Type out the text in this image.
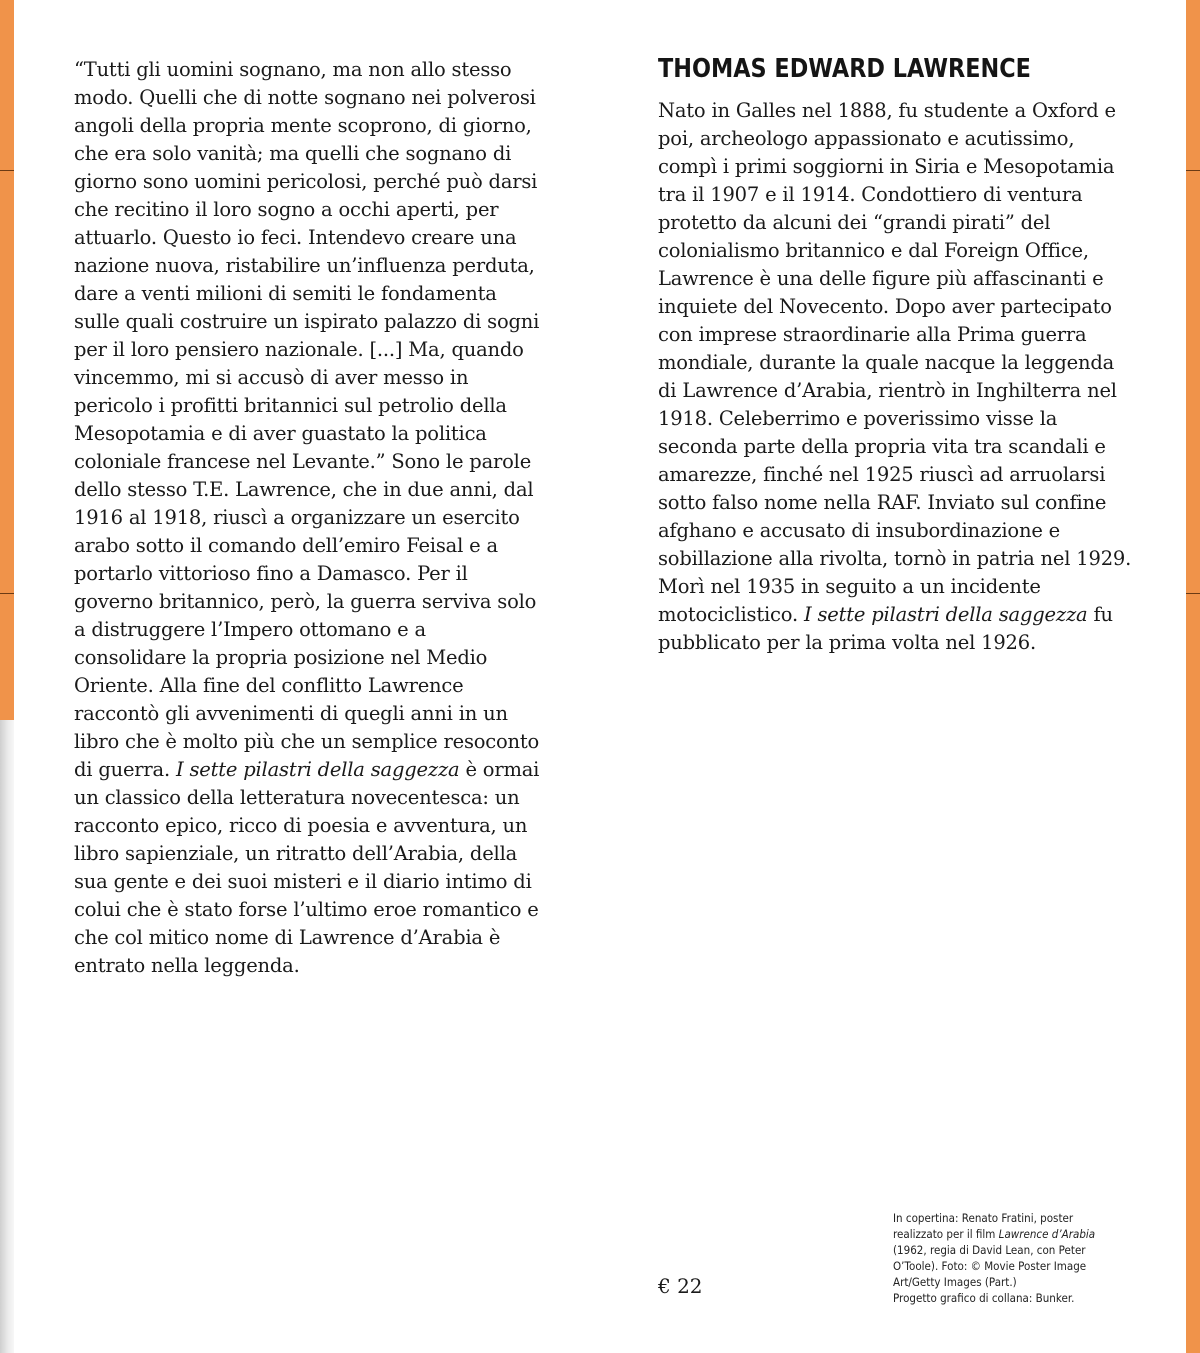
“Tutti gli uomini sognano, ma non allo stesso modo. Quelli che di notte sognano nei polverosi angoli della propria mente scoprono, di giorno, che era solo vanità; ma quelli che sognano di giorno sono uomini pericolosi, perché può darsi che recitino il loro sogno a occhi aperti, per attuarlo. Questo io feci. Intendevo creare una nazione nuova, ristabilire un’influenza perduta, dare a venti milioni di semiti le fondamenta sulle quali costruire un ispirato palazzo di sogni per il loro pensiero nazionale. [...] Ma, quando vincemmo, mi si accusò di aver messo in pericolo i profitti britannici sul petrolio della Mesopotamia e di aver guastato la politica coloniale francese nel Levante.” Sono le parole dello stesso T.E. Lawrence, che in due anni, dal 1916 al 1918, riuscì a organizzare un esercito arabo sotto il comando dell’emiro Feisal e a portarlo vittorioso fino a Damasco. Per il governo britannico, però, la guerra serviva solo a distruggere l’Impero ottomano e a consolidare la propria posizione nel Medio Oriente. Alla fine del conflitto Lawrence raccontò gli avvenimenti di quegli anni in un libro che è molto più che un semplice resoconto di guerra. I sette pilastri della saggezza è ormai un classico della letteratura novecentesca: un racconto epico, ricco di poesia e avventura, un libro sapienziale, un ritratto dell’Arabia, della sua gente e dei suoi misteri e il diario intimo di colui che è stato forse l’ultimo eroe romantico e che col mitico nome di Lawrence d’Arabia è entrato nella leggenda.
THOMAS EDWARD LAWRENCE
Nato in Galles nel 1888, fu studente a Oxford e poi, archeologo appassionato e acutissimo, compì i primi soggiorni in Siria e Mesopotamia tra il 1907 e il 1914. Condottiero di ventura protetto da alcuni dei “grandi pirati” del colonialismo britannico e dal Foreign Office, Lawrence è una delle figure più affascinanti e inquiete del Novecento. Dopo aver partecipato con imprese straordinarie alla Prima guerra mondiale, durante la quale nacque la leggenda di Lawrence d’Arabia, rientrò in Inghilterra nel 1918. Celeberrimo e poverissimo visse la seconda parte della propria vita tra scandali e amarezze, finché nel 1925 riuscì ad arruolarsi sotto falso nome nella RAF. Inviato sul confine afghano e accusato di insubordinazione e sobillazione alla rivolta, tornò in patria nel 1929. Morì nel 1935 in seguito a un incidente motociclistico. I sette pilastri della saggezza fu pubblicato per la prima volta nel 1926.
€ 22
In copertina: Renato Fratini, poster realizzato per il film Lawrence d’Arabia (1962, regia di David Lean, con Peter O’Toole). Foto: © Movie Poster Image Art/Getty Images (Part.)
Progetto grafico di collana: Bunker.
